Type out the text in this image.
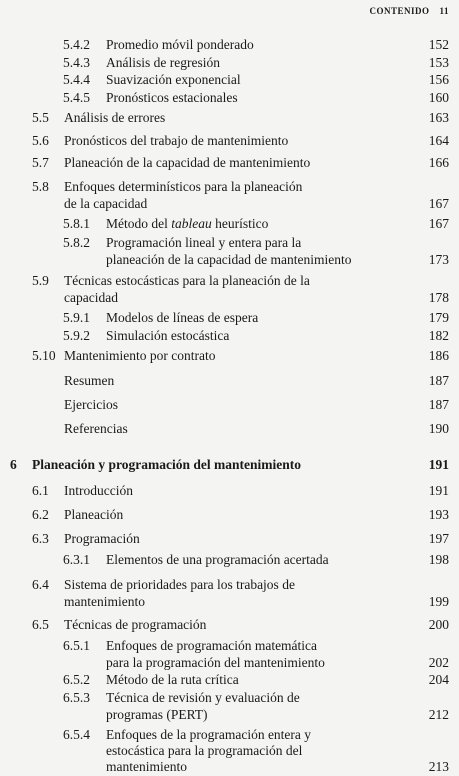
CONTENIDO 11
5.4.2 Promedio móvil ponderado	152
5.4.3 Análisis de regresión	153
5.4.4 Suavización exponencial	156
5.4.5 Pronósticos estacionales	160
5.5 Análisis de errores	163
5.6 Pronósticos del trabajo de mantenimiento	164
5.7 Planeación de la capacidad de mantenimiento	166
5.8 Enfoques determinísticos para la planeación
de la capacidad	167
5.8.1 Método del tableau heurístico	167
5.8.2 Programación lineal y entera para la
planeación de la capacidad de mantenimiento	173
5.9 Técnicas estocásticas para la planeación de la
capacidad	178
5.9.1 Modelos de líneas de espera	179
5.9.2 Simulación estocástica	182
5.10 Mantenimiento por contrato	186
Resumen	187
Ejercicios	187
Referencias	190
6 Planeación y programación del mantenimiento	191
6.1 Introducción	191
6.2 Planeación	193
6.3 Programación	197
6.3.1 Elementos de una programación acertada	198
6.4 Sistema de prioridades para los trabajos de
mantenimiento	199
6.5 Técnicas de programación	200
6.5.1 Enfoques de programación matemática
para la programación del mantenimiento	202
6.5.2 Método de la ruta crítica	204
6.5.3 Técnica de revisión y evaluación de
programas (PERT)	212
6.5.4 Enfoques de la programación entera y
estocástica para la programación del
mantenimiento	213
